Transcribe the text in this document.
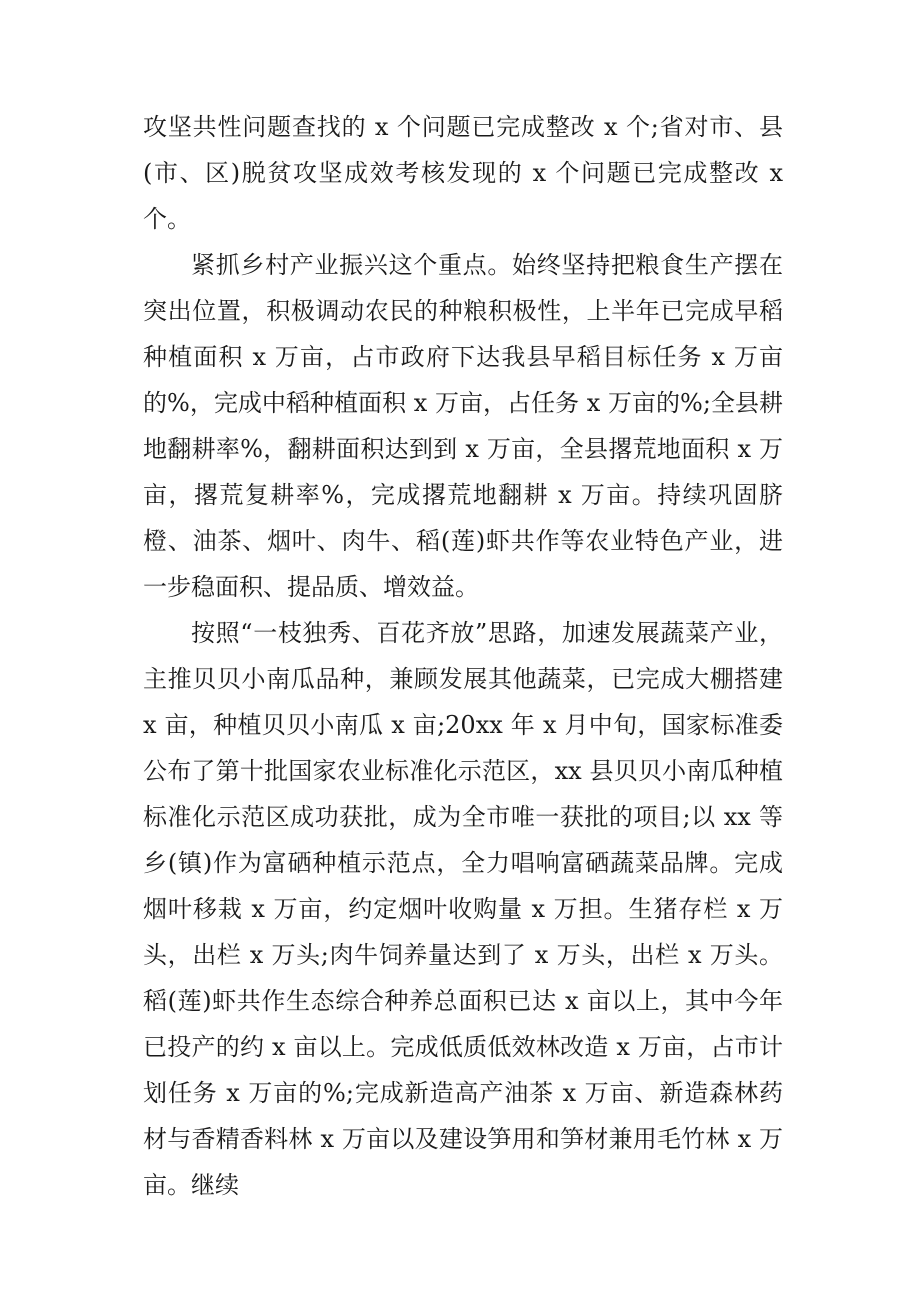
攻坚共性问题查找的 x 个问题已完成整改 x 个;省对市、县(市、区)脱贫攻坚成效考核发现的 x 个问题已完成整改 x 个。

紧抓乡村产业振兴这个重点。始终坚持把粮食生产摆在突出位置，积极调动农民的种粮积极性，上半年已完成早稻种植面积 x 万亩，占市政府下达我县早稻目标任务 x 万亩的%，完成中稻种植面积 x 万亩，占任务 x 万亩的%;全县耕地翻耕率%，翻耕面积达到到 x 万亩，全县撂荒地面积 x 万亩，撂荒复耕率%，完成撂荒地翻耕 x 万亩。持续巩固脐橙、油茶、烟叶、肉牛、稻(莲)虾共作等农业特色产业，进一步稳面积、提品质、增效益。

按照“一枝独秀、百花齐放”思路，加速发展蔬菜产业，主推贝贝小南瓜品种，兼顾发展其他蔬菜，已完成大棚搭建 x 亩，种植贝贝小南瓜 x 亩;20xx 年 x 月中旬，国家标准委公布了第十批国家农业标准化示范区，xx 县贝贝小南瓜种植标准化示范区成功获批，成为全市唯一获批的项目;以 xx 等乡(镇)作为富硒种植示范点，全力唱响富硒蔬菜品牌。完成烟叶移栽 x 万亩，约定烟叶收购量 x 万担。生猪存栏 x 万头，出栏 x 万头;肉牛饲养量达到了 x 万头，出栏 x 万头。稻(莲)虾共作生态综合种养总面积已达 x 亩以上，其中今年已投产的约 x 亩以上。完成低质低效林改造 x 万亩，占市计划任务 x 万亩的%;完成新造高产油茶 x 万亩、新造森林药材与香精香料林 x 万亩以及建设笋用和笋材兼用毛竹林 x 万亩。继续
